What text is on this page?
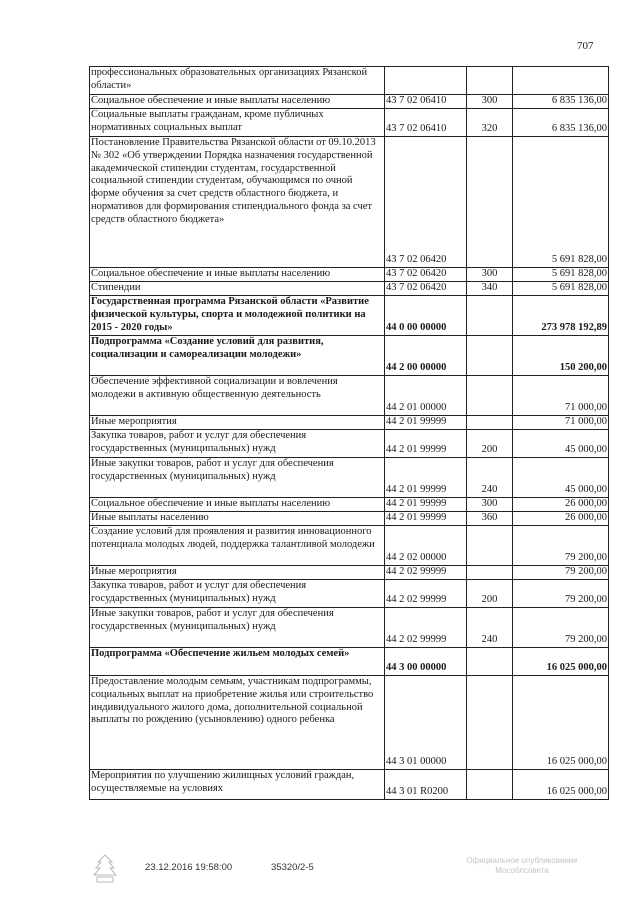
707
профессиональных образовательных организациях Рязанской области»			
Социальное обеспечение и иные выплаты населению	43 7 02 06410	300	6 835 136,00
Социальные выплаты гражданам, кроме публичных нормативных социальных выплат	43 7 02 06410	320	6 835 136,00
Постановление Правительства Рязанской области от 09.10.2013 № 302 «Об утверждении Порядка назначения государственной академической стипендии студентам, государственной социальной стипендии студентам, обучающимся по очной форме обучения за счет средств областного бюджета, и нормативов для формирования стипендиального фонда за счет средств областного бюджета»	43 7 02 06420		5 691 828,00
Социальное обеспечение и иные выплаты населению	43 7 02 06420	300	5 691 828,00
Стипендии	43 7 02 06420	340	5 691 828,00
Государственная программа Рязанской области «Развитие физической культуры, спорта и молодежной политики на 2015 - 2020 годы»	44 0 00 00000		273 978 192,89
Подпрограмма «Создание условий для развития, социализации и самореализации молодежи»	44 2 00 00000		150 200,00
Обеспечение эффективной социализации и вовлечения молодежи в активную общественную деятельность	44 2 01 00000		71 000,00
Иные мероприятия	44 2 01 99999		71 000,00
Закупка товаров, работ и услуг для обеспечения государственных (муниципальных) нужд	44 2 01 99999	200	45 000,00
Иные закупки товаров, работ и услуг для обеспечения государственных (муниципальных) нужд	44 2 01 99999	240	45 000,00
Социальное обеспечение и иные выплаты населению	44 2 01 99999	300	26 000,00
Иные выплаты населению	44 2 01 99999	360	26 000,00
Создание условий для проявления и развития инновационного потенциала молодых людей, поддержка талантливой молодежи	44 2 02 00000		79 200,00
Иные мероприятия	44 2 02 99999		79 200,00
Закупка товаров, работ и услуг для обеспечения государственных (муниципальных) нужд	44 2 02 99999	200	79 200,00
Иные закупки товаров, работ и услуг для обеспечения государственных (муниципальных) нужд	44 2 02 99999	240	79 200,00
Подпрограмма «Обеспечение жильем молодых семей»	44 3 00 00000		16 025 000,00
Предоставление молодым семьям, участникам подпрограммы, социальных выплат на приобретение жилья или строительство индивидуального жилого дома, дополнительной социальной выплаты по рождению (усыновлению) одного ребенка	44 3 01 00000		16 025 000,00
Мероприятия по улучшению жилищных условий граждан, осуществляемые на условиях	44 3 01 R0200		16 025 000,00
23.12.2016 19:58:00	35320/2-5
Официальное опубликование Мособлсовета
